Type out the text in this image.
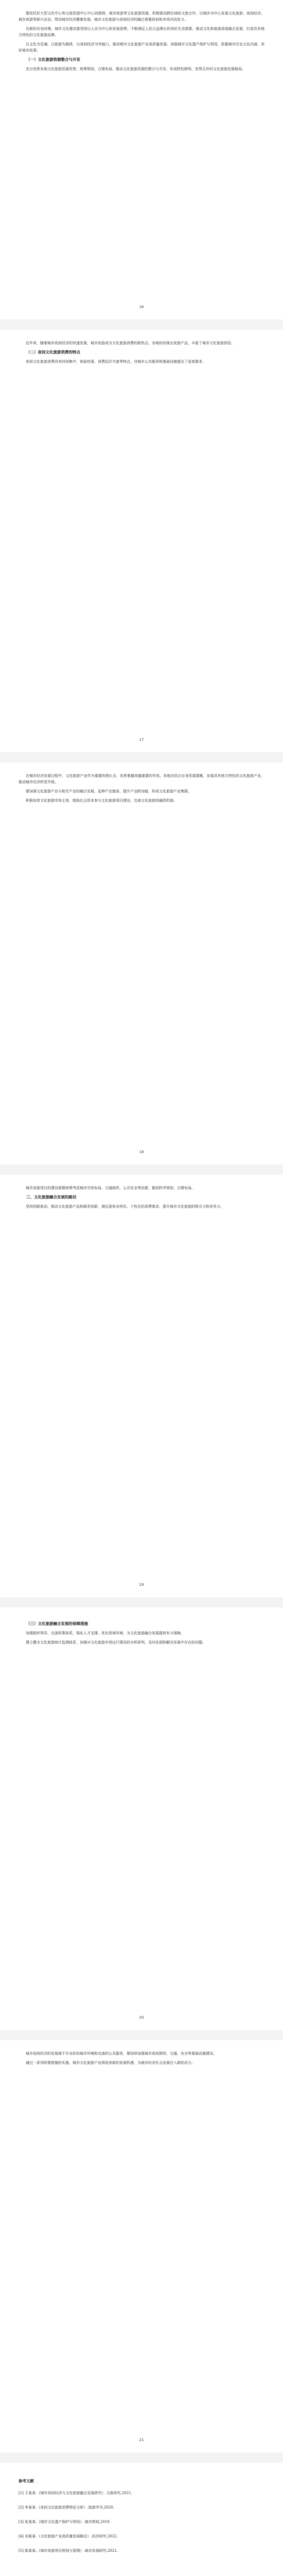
要依托好大型文化中心和文旅资源中心中心的独特。城市夜游等文化旅游资源，积极推动跨区域的文旅合作。以城市为中心发展文化旅游、夜间经济、城市夜游等新兴业态，带动城市经济健康发展。城市文化旅游与夜间经济的融合需要政府和市场共同发力。

在新的历史时期，城市文化建设要坚持以人民为中心的发展思想，不断满足人民日益增长的美好生活需要。推动文化和旅游深度融合发展，打造具有地方特色的文化旅游品牌。

以文化为灵魂，以旅游为载体，以夜间经济为突破口，推动城市文化旅游产业高质量发展。加强城市文化遗产保护与利用，挖掘城市历史文化内涵，讲好城市故事。

（一）文化旅游资源整合与开发

充分发挥各地文化旅游资源优势，统筹规划，合理布局，推动文化旅游资源的整合与开发，形成特色鲜明、优势互补的文化旅游发展格局。

16

近年来，随着城市夜间经济的快速发展，城市夜游成为文化旅游消费的新热点，各地纷纷推出夜游产品，丰富了城市文化旅游供给。

（二）夜间文化旅游消费的特点

夜间文化旅游消费具有时间集中、体验性强、消费层次丰富等特点，对城市公共服务和基础设施提出了更高要求。

17

在城市经济发展过程中，文化旅游产业作为重要的增长点，发挥着越来越重要的作用。各地应结合自身资源禀赋，发展具有地方特色的文化旅游产业，推动城市经济转型升级。

要加强文化旅游产业与相关产业的融合发展，延伸产业链条，提升产业附加值，形成文化旅游产业集群。

积极培育文化旅游市场主体，鼓励社会资本参与文化旅游项目建设，完善文化旅游投融资机制。

18

城市夜游项目的建设需要统筹考虑城市空间布局、交通组织、公共安全等因素，做到科学规划、合理布局。

三、文化旅游融合发展的路径

坚持创新驱动，推动文化旅游产品和服务创新，满足游客多样化、个性化的消费需求，提升城市文化旅游的吸引力和竞争力。

19

（三）文化旅游融合发展的保障措施

加强组织领导，完善政策体系，强化人才支撑，优化营商环境，为文化旅游融合发展提供有力保障。

建立健全文化旅游统计监测体系，加强对文化旅游市场运行情况的分析研判，及时发现和解决发展中存在的问题。

20

城市夜间经济的发展离不开良好的城市环境和完善的公共服务，要持续加强城市夜间照明、交通、安全等基础设施建设。

通过一系列政策措施的实施，城市文化旅游产业将迎来新的发展机遇，为城市经济社会发展注入新的活力。

21
参考文献
[1] 王某某.《城市夜间经济与文化旅游融合发展研究》.文旅研究,2021.
[2] 李某某.《夜间文化旅游消费特征分析》.旅游学刊,2020.
[3] 张某某.《城市文化遗产保护与利用》.城市规划,2019.
[4] 刘某某.《文化旅游产业高质量发展路径》.经济研究,2022.
[5] 陈某某.《城市夜游项目规划与管理》.城市发展研究,2021.
